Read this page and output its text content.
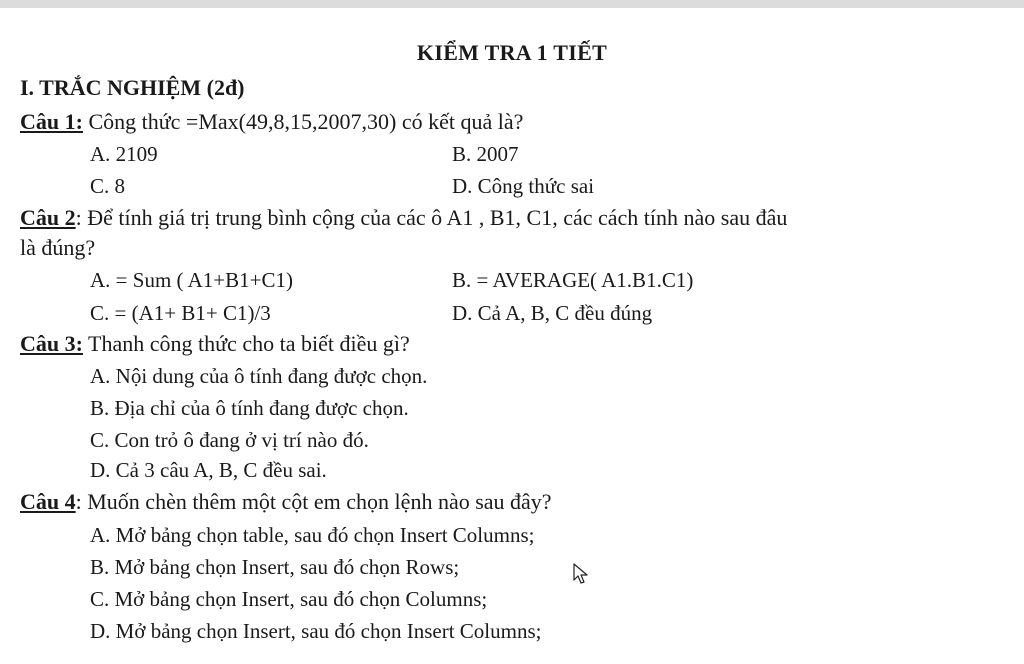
KIỂM TRA 1 TIẾT
I. TRẮC NGHIỆM (2đ)
Câu 1: Công thức =Max(49,8,15,2007,30) có kết quả là?
A. 2109	B. 2007
C. 8	D. Công thức sai
Câu 2: Để tính giá trị trung bình cộng của các ô A1 , B1, C1, các cách tính nào sau đâu
là đúng?
A. = Sum ( A1+B1+C1)	B. = AVERAGE( A1.B1.C1)
C. = (A1+ B1+ C1)/3	D. Cả A, B, C đều đúng
Câu 3: Thanh công thức cho ta biết điều gì?
A. Nội dung của ô tính đang được chọn.
B. Địa chỉ của ô tính đang được chọn.
C. Con trỏ ô đang ở vị trí nào đó.
D. Cả 3 câu A, B, C đều sai.
Câu 4: Muốn chèn thêm một cột em chọn lệnh nào sau đây?
A. Mở bảng chọn table, sau đó chọn Insert Columns;
B. Mở bảng chọn Insert, sau đó chọn Rows;
C. Mở bảng chọn Insert, sau đó chọn Columns;
D. Mở bảng chọn Insert, sau đó chọn Insert Columns;
